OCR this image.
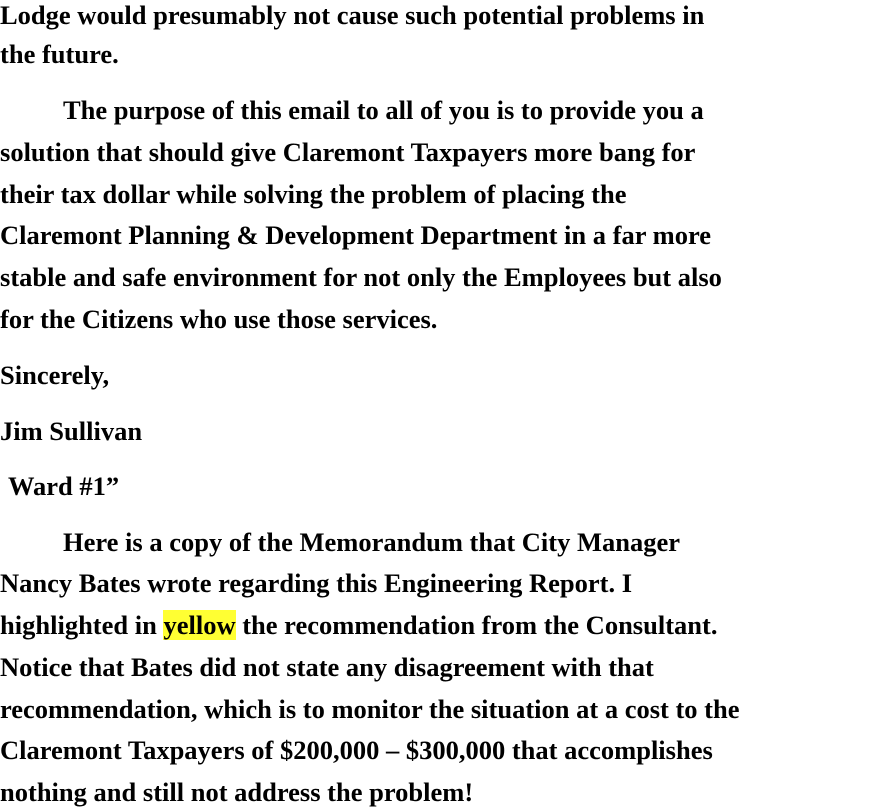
Lodge would presumably not cause such potential problems in
the future.
The purpose of this email to all of you is to provide you a
solution that should give Claremont Taxpayers more bang for
their tax dollar while solving the problem of placing the
Claremont Planning & Development Department in a far more
stable and safe environment for not only the Employees but also
for the Citizens who use those services.
Sincerely,
Jim Sullivan
Ward #1”
Here is a copy of the Memorandum that City Manager
Nancy Bates wrote regarding this Engineering Report. I
highlighted in yellow the recommendation from the Consultant.
Notice that Bates did not state any disagreement with that
recommendation, which is to monitor the situation at a cost to the
Claremont Taxpayers of $200,000 – $300,000 that accomplishes
nothing and still not address the problem!
